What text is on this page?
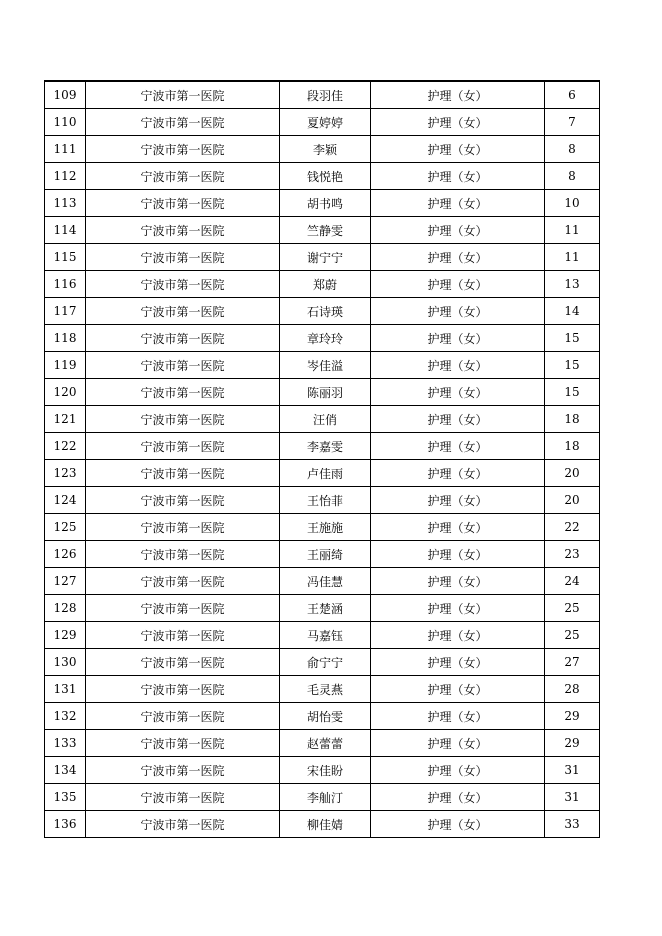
109	宁波市第一医院	段羽佳	护理（女）	6
110	宁波市第一医院	夏婷婷	护理（女）	7
111	宁波市第一医院	李颖	护理（女）	8
112	宁波市第一医院	钱悦艳	护理（女）	8
113	宁波市第一医院	胡书鸣	护理（女）	10
114	宁波市第一医院	竺静雯	护理（女）	11
115	宁波市第一医院	谢宁宁	护理（女）	11
116	宁波市第一医院	郑蔚	护理（女）	13
117	宁波市第一医院	石诗瑛	护理（女）	14
118	宁波市第一医院	章玲玲	护理（女）	15
119	宁波市第一医院	岑佳溢	护理（女）	15
120	宁波市第一医院	陈丽羽	护理（女）	15
121	宁波市第一医院	汪俏	护理（女）	18
122	宁波市第一医院	李嘉雯	护理（女）	18
123	宁波市第一医院	卢佳雨	护理（女）	20
124	宁波市第一医院	王怡菲	护理（女）	20
125	宁波市第一医院	王施施	护理（女）	22
126	宁波市第一医院	王丽绮	护理（女）	23
127	宁波市第一医院	冯佳慧	护理（女）	24
128	宁波市第一医院	王楚涵	护理（女）	25
129	宁波市第一医院	马嘉钰	护理（女）	25
130	宁波市第一医院	俞宁宁	护理（女）	27
131	宁波市第一医院	毛灵燕	护理（女）	28
132	宁波市第一医院	胡怡雯	护理（女）	29
133	宁波市第一医院	赵蕾蕾	护理（女）	29
134	宁波市第一医院	宋佳盼	护理（女）	31
135	宁波市第一医院	李舢汀	护理（女）	31
136	宁波市第一医院	柳佳婧	护理（女）	33
